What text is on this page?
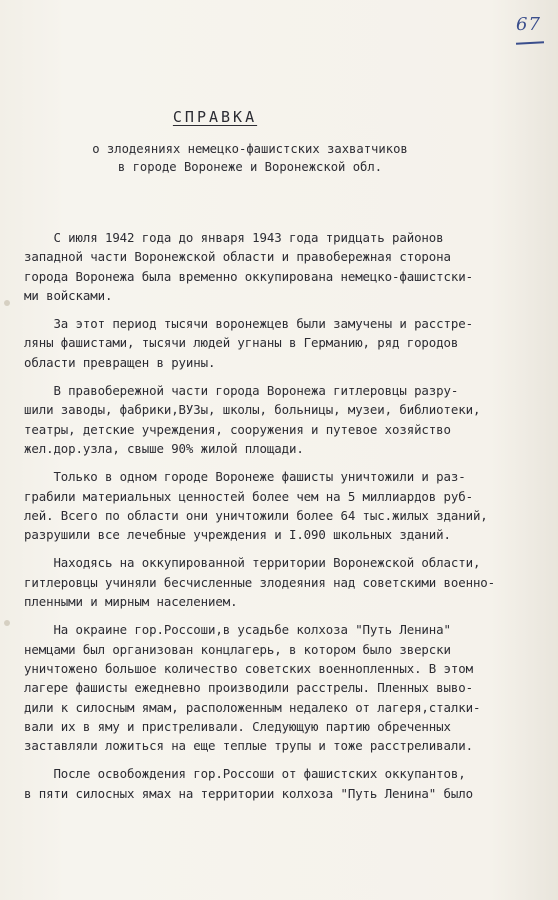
67
СПРАВКА
о злодеяниях немецко-фашистских захватчиков
в городе Воронеже и Воронежской обл.

С июля 1942 года до января 1943 года тридцать районов
западной части Воронежской области и правобережная сторона
города Воронежа была временно оккупирована немецко-фашистски-
ми войсками.

За этот период тысячи воронежцев были замучены и расстре-
ляны фашистами, тысячи людей угнаны в Германию, ряд городов
области превращен в руины.

В правобережной части города Воронежа гитлеровцы разру-
шили заводы, фабрики,ВУЗы, школы, больницы, музеи, библиотеки,
театры, детские учреждения, сооружения и путевое хозяйство
жел.дор.узла, свыше 90% жилой площади.

Только в одном городе Воронеже фашисты уничтожили и раз-
грабили материальных ценностей более чем на 5 миллиардов руб-
лей. Всего по области они уничтожили более 64 тыс.жилых зданий,
разрушили все лечебные учреждения и I.090 школьных зданий.

Находясь на оккупированной территории Воронежской области,
гитлеровцы учиняли бесчисленные злодеяния над советскими военно-
пленными и мирным населением.

На окраине гор.Россоши,в усадьбе колхоза "Путь Ленина"
немцами был организован концлагерь, в котором было зверски
уничтожено большое количество советских военнопленных. В этом
лагере фашисты ежедневно производили расстрелы. Пленных выво-
дили к силосным ямам, расположенным недалеко от лагеря,сталки-
вали их в яму и пристреливали. Следующую партию обреченных
заставляли ложиться на еще теплые трупы и тоже расстреливали.

После освобождения гор.Россоши от фашистских оккупантов,
в пяти силосных ямах на территории колхоза "Путь Ленина" было
